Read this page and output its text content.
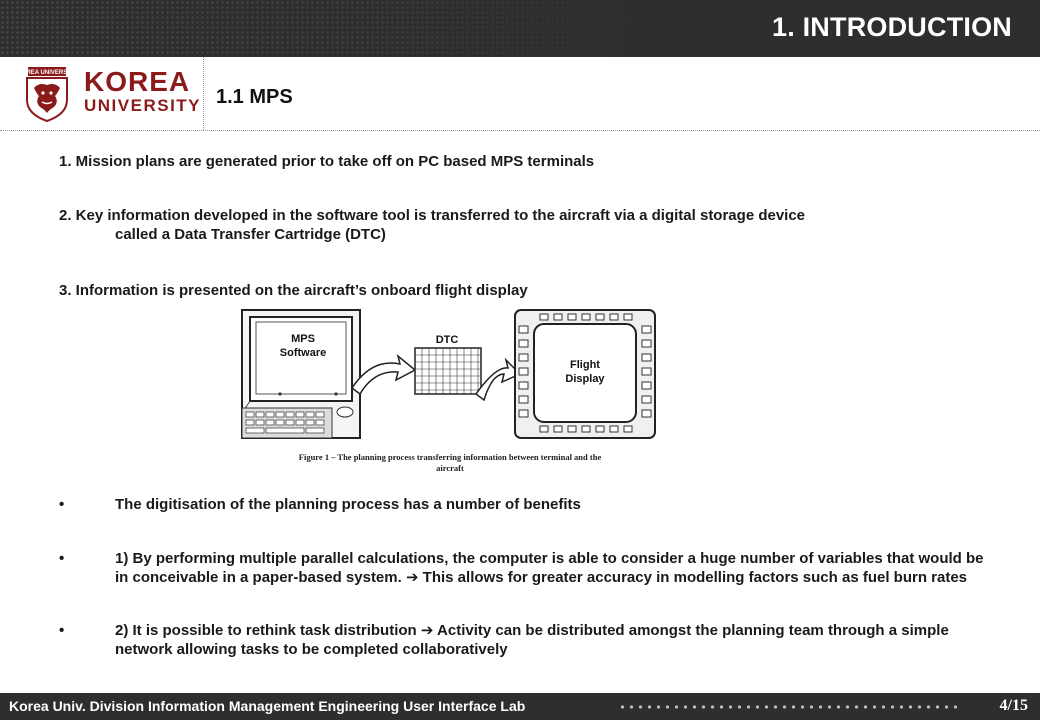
1. INTRODUCTION
KOREA UNIVERSITY KOREA
UNIVERSITY 1.1 MPS
1. Mission plans are generated prior to take off on PC based MPS terminals
2. Key information developed in the software tool is transferred to the aircraft via a digital storage device
called a Data Transfer Cartridge (DTC)
3. Information is presented on the aircraft’s onboard flight display
MPS
Software
DTC
Flight
Display
Figure 1 – The planning process transferring information between terminal and the
aircraft
•	The digitisation of the planning process has a number of benefits
•	1) By performing multiple parallel calculations, the computer is able to consider a huge number of variables that would be in conceivable in a paper-based system. ➔ This allows for greater accuracy in modelling factors such as fuel burn rates
•	2) It is possible to rethink task distribution ➔ Activity can be distributed amongst the planning team through a simple network allowing tasks to be completed collaboratively
Korea Univ. Division Information Management Engineering User Interface Lab	4/15
